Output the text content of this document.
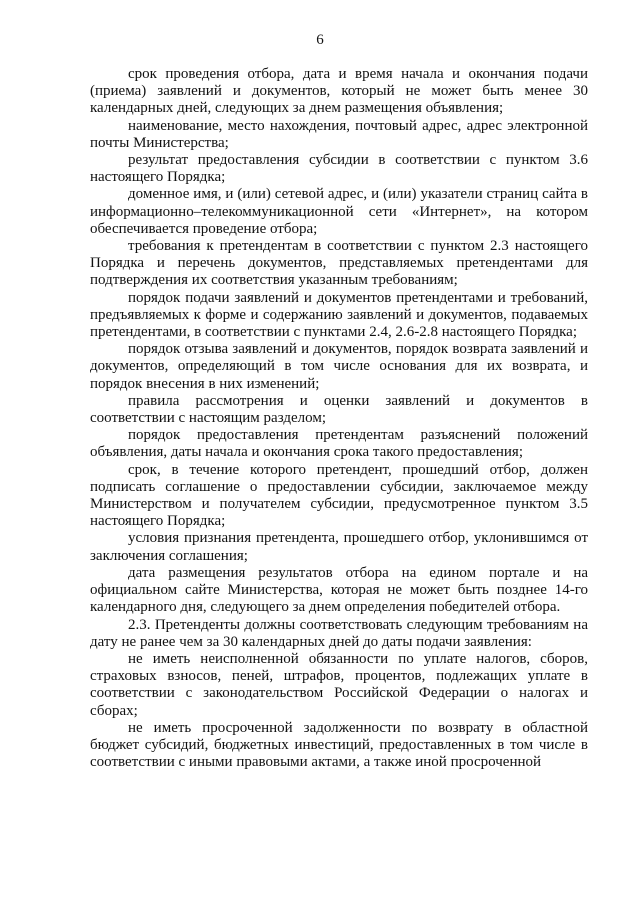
6

срок проведения отбора, дата и время начала и окончания подачи (приема) заявлений и документов, который не может быть менее 30 календарных дней, следующих за днем размещения объявления;

наименование, место нахождения, почтовый адрес, адрес электронной почты Министерства;

результат предоставления субсидии в соответствии с пунктом 3.6 настоящего Порядка;

доменное имя, и (или) сетевой адрес, и (или) указатели страниц сайта в информационно–телекоммуникационной сети «Интернет», на котором обеспечивается проведение отбора;

требования к претендентам в соответствии с пунктом 2.3 настоящего Порядка и перечень документов, представляемых претендентами для подтверждения их соответствия указанным требованиям;

порядок подачи заявлений и документов претендентами и требований, предъявляемых к форме и содержанию заявлений и документов, подаваемых претендентами, в соответствии с пунктами 2.4, 2.6-2.8 настоящего Порядка;

порядок отзыва заявлений и документов, порядок возврата заявлений и документов, определяющий в том числе основания для их возврата, и порядок внесения в них изменений;

правила рассмотрения и оценки заявлений и документов в соответствии с настоящим разделом;

порядок предоставления претендентам разъяснений положений объявления, даты начала и окончания срока такого предоставления;

срок, в течение которого претендент, прошедший отбор, должен подписать соглашение о предоставлении субсидии, заключаемое между Министерством и получателем субсидии, предусмотренное пунктом 3.5 настоящего Порядка;

условия признания претендента, прошедшего отбор, уклонившимся от заключения соглашения;

дата размещения результатов отбора на едином портале и на официальном сайте Министерства, которая не может быть позднее 14-го календарного дня, следующего за днем определения победителей отбора.

2.3. Претенденты должны соответствовать следующим требованиям на дату не ранее чем за 30 календарных дней до даты подачи заявления:

не иметь неисполненной обязанности по уплате налогов, сборов, страховых взносов, пеней, штрафов, процентов, подлежащих уплате в соответствии с законодательством Российской Федерации о налогах и сборах;

не иметь просроченной задолженности по возврату в областной бюджет субсидий, бюджетных инвестиций, предоставленных в том числе в соответствии с иными правовыми актами, а также иной просроченной
